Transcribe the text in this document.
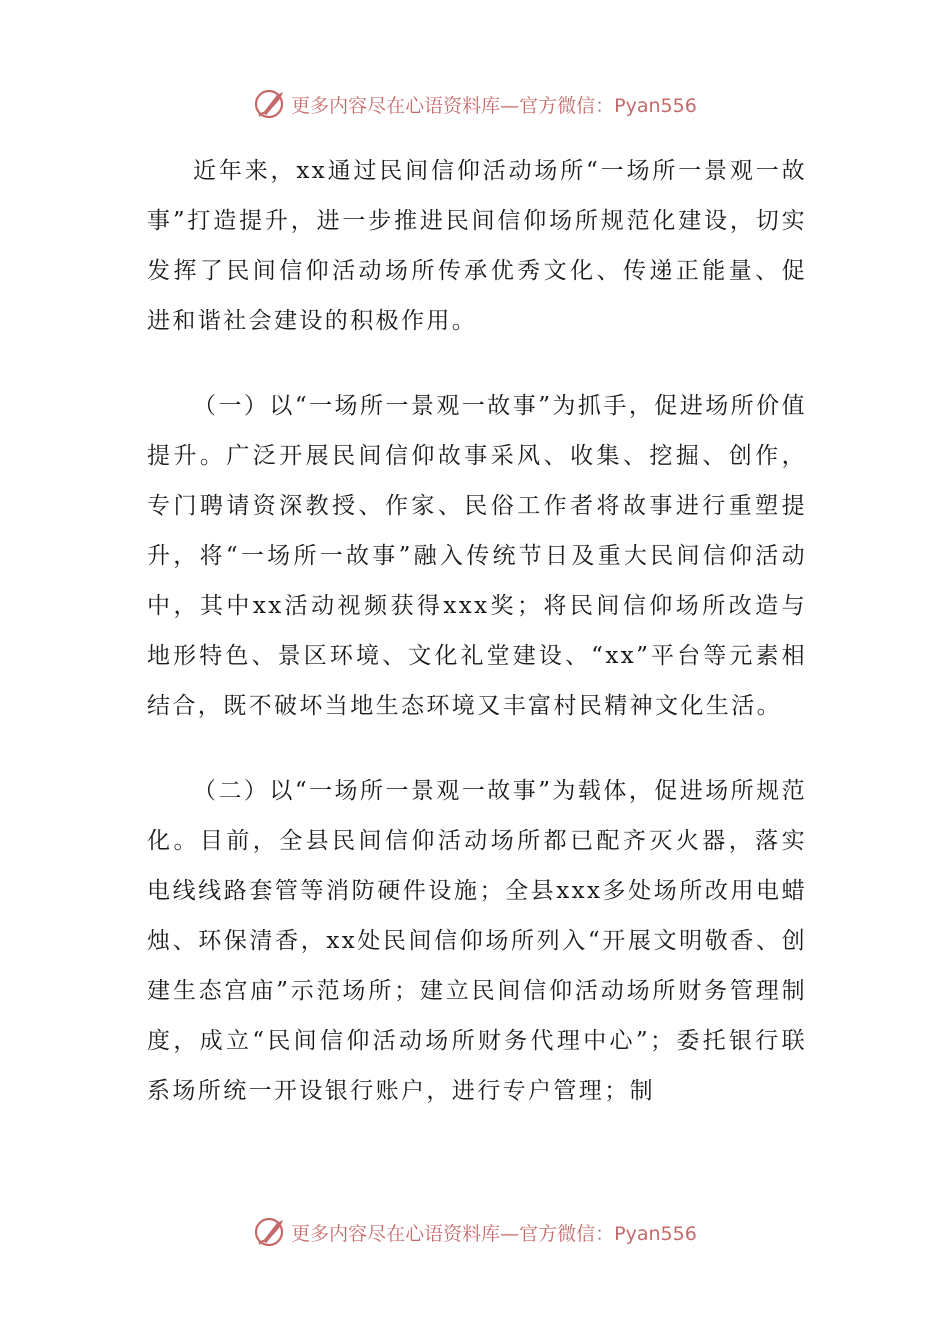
更多内容尽在心语资料库—官方微信：Pyan556

近年来，xx通过民间信仰活动场所“一场所一景观一故事”打造提升，进一步推进民间信仰场所规范化建设，切实发挥了民间信仰活动场所传承优秀文化、传递正能量、促进和谐社会建设的积极作用。

（一）以“一场所一景观一故事”为抓手，促进场所价值提升。广泛开展民间信仰故事采风、收集、挖掘、创作，专门聘请资深教授、作家、民俗工作者将故事进行重塑提升，将“一场所一故事”融入传统节日及重大民间信仰活动中，其中xx活动视频获得xxx奖；将民间信仰场所改造与地形特色、景区环境、文化礼堂建设、“xx”平台等元素相结合，既不破坏当地生态环境又丰富村民精神文化生活。

（二）以“一场所一景观一故事”为载体，促进场所规范化。目前，全县民间信仰活动场所都已配齐灭火器，落实电线线路套管等消防硬件设施；全县xxx多处场所改用电蜡烛、环保清香，xx处民间信仰场所列入“开展文明敬香、创建生态宫庙”示范场所；建立民间信仰活动场所财务管理制度，成立“民间信仰活动场所财务代理中心”；委托银行联系场所统一开设银行账户，进行专户管理；制

更多内容尽在心语资料库—官方微信：Pyan556
